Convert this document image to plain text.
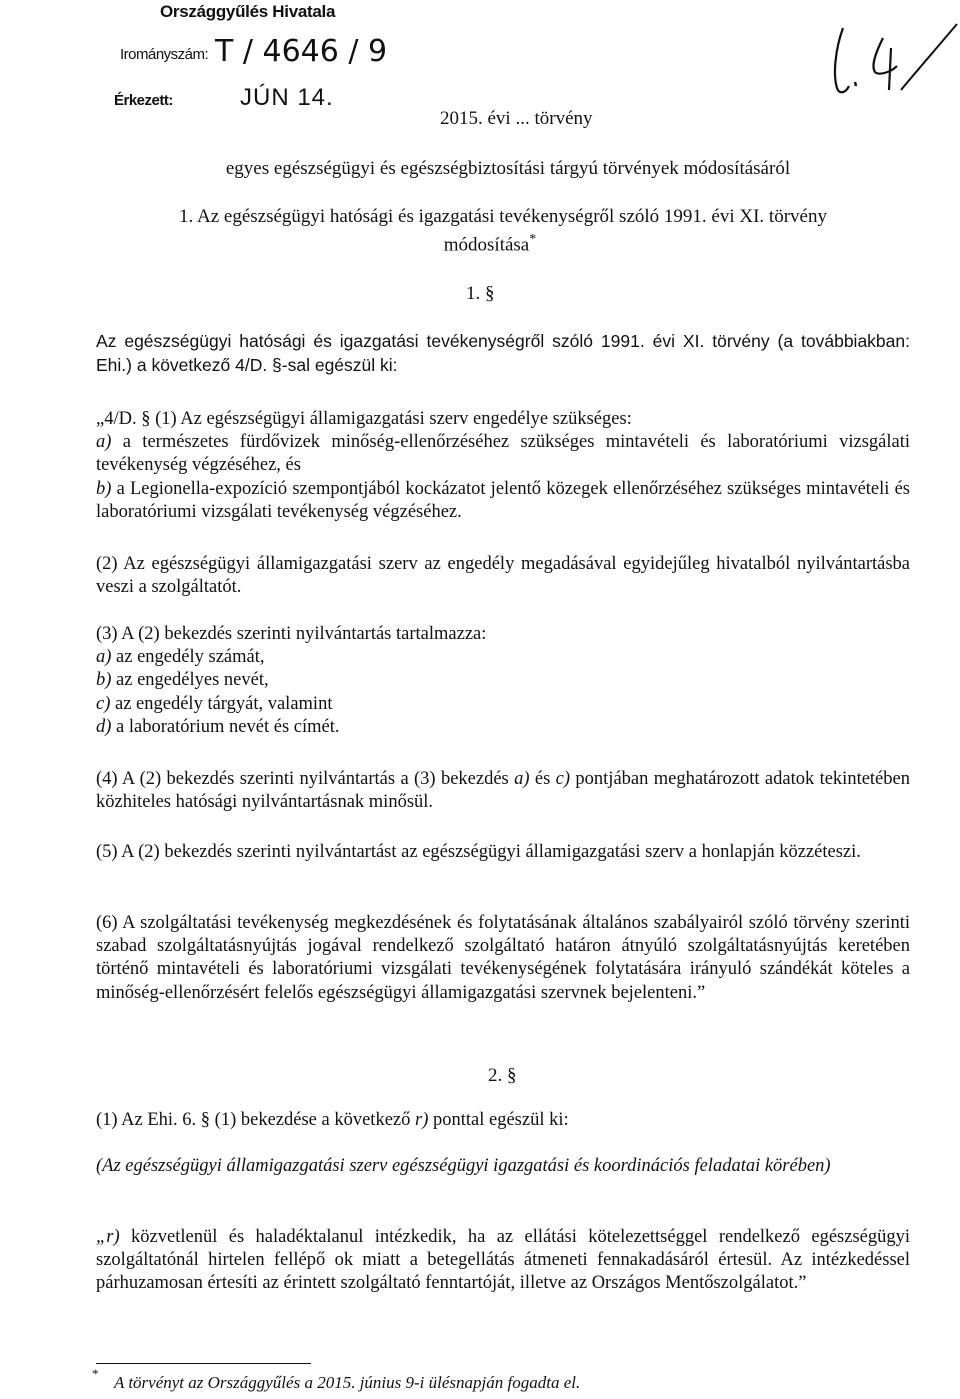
Országgyűlés Hivatala
Irományszám: T / 4646 / 9
Érkezett:	JÚN 14.
2015. évi ... törvény
egyes egészségügyi és egészségbiztosítási tárgyú törvények módosításáról
1. Az egészségügyi hatósági és igazgatási tevékenységről szóló 1991. évi XI. törvény
módosítása*
1. §

Az egészségügyi hatósági és igazgatási tevékenységről szóló 1991. évi XI. törvény (a továbbiakban: Ehi.) a következő 4/D. §-sal egészül ki:

„4/D. § (1) Az egészségügyi államigazgatási szerv engedélye szükséges:

a) a természetes fürdővizek minőség-ellenőrzéséhez szükséges mintavételi és laboratóriumi vizsgálati tevékenység végzéséhez, és

b) a Legionella-expozíció szempontjából kockázatot jelentő közegek ellenőrzéséhez szükséges mintavételi és laboratóriumi vizsgálati tevékenység végzéséhez.

(2) Az egészségügyi államigazgatási szerv az engedély megadásával egyidejűleg hivatalból nyilvántartásba veszi a szolgáltatót.

(3) A (2) bekezdés szerinti nyilvántartás tartalmazza:

a) az engedély számát,

b) az engedélyes nevét,

c) az engedély tárgyát, valamint

d) a laboratórium nevét és címét.

(4) A (2) bekezdés szerinti nyilvántartás a (3) bekezdés a) és c) pontjában meghatározott adatok tekintetében közhiteles hatósági nyilvántartásnak minősül.

(5) A (2) bekezdés szerinti nyilvántartást az egészségügyi államigazgatási szerv a honlapján közzéteszi.

(6) A szolgáltatási tevékenység megkezdésének és folytatásának általános szabályairól szóló törvény szerinti szabad szolgáltatásnyújtás jogával rendelkező szolgáltató határon átnyúló szolgáltatásnyújtás keretében történő mintavételi és laboratóriumi vizsgálati tevékenységének folytatására irányuló szándékát köteles a minőség-ellenőrzésért felelős egészségügyi államigazgatási szervnek bejelenteni.”

2. §

(1) Az Ehi. 6. § (1) bekezdése a következő r) ponttal egészül ki:

(Az egészségügyi államigazgatási szerv egészségügyi igazgatási és koordinációs feladatai körében)

„r) közvetlenül és haladéktalanul intézkedik, ha az ellátási kötelezettséggel rendelkező egészségügyi szolgáltatónál hirtelen fellépő ok miatt a betegellátás átmeneti fennakadásáról értesül. Az intézkedéssel párhuzamosan értesíti az érintett szolgáltató fenntartóját, illetve az Országos Mentőszolgálatot.”

* A törvényt az Országgyűlés a 2015. június 9-i ülésnapján fogadta el.
